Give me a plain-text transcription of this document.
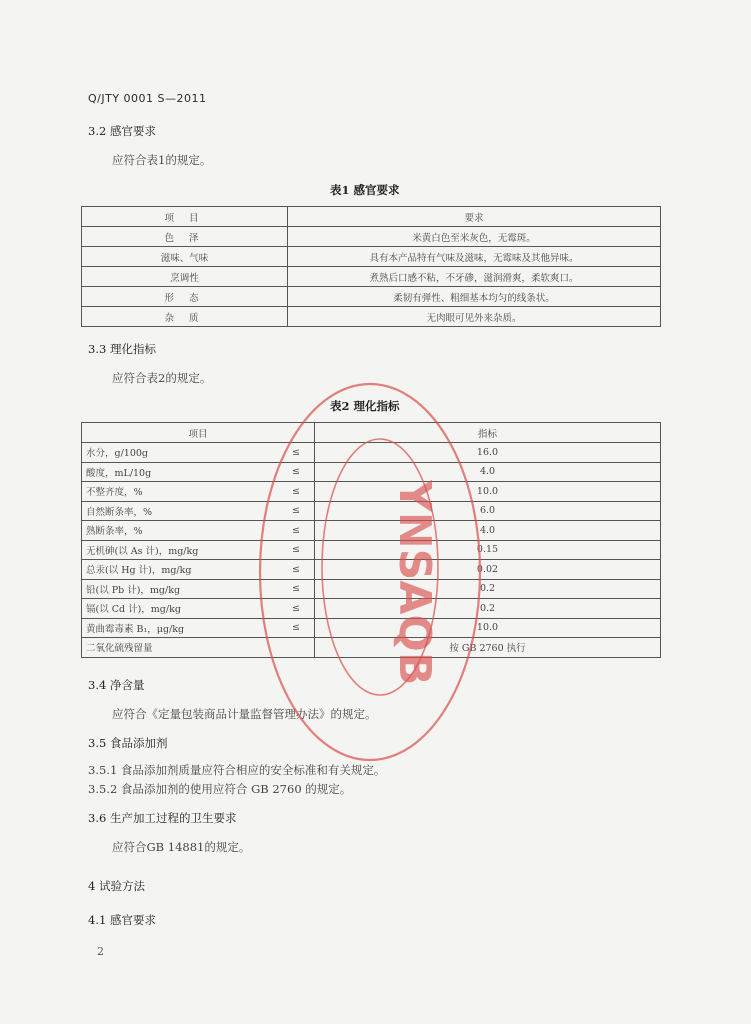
Q/JTY 0001 S—2011
3.2 感官要求
应符合表1的规定。
表1 感官要求
项 目	要求
色 泽	米黄白色至米灰色，无霉斑。
滋味、气味	具有本产品特有气味及滋味，无霉味及其他异味。
烹调性	煮熟后口感不粘，不牙碜，滋润滑爽，柔软爽口。
形 态	柔韧有弹性、粗细基本均匀的线条状。
杂 质	无肉眼可见外来杂质。
3.3 理化指标
应符合表2的规定。
表2 理化指标
项目		指标
水分，g/100g	≤	16.0
酸度，mL/10g	≤	4.0
不整齐度，%	≤	10.0
自然断条率，%	≤	6.0
熟断条率，%	≤	4.0
无机砷(以 As 计)，mg/kg	≤	0.15
总汞(以 Hg 计)，mg/kg	≤	0.02
铅(以 Pb 计)，mg/kg	≤	0.2
镉(以 Cd 计)，mg/kg	≤	0.2
黄曲霉毒素 B₁，μg/kg	≤	10.0
二氧化硫残留量		按 GB 2760 执行
3.4 净含量
应符合《定量包装商品计量监督管理办法》的规定。
3.5 食品添加剂
3.5.1 食品添加剂质量应符合相应的安全标准和有关规定。
3.5.2 食品添加剂的使用应符合 GB 2760 的规定。
3.6 生产加工过程的卫生要求
应符合GB 14881的规定。
4 试验方法
4.1 感官要求
2
YNSAQB
